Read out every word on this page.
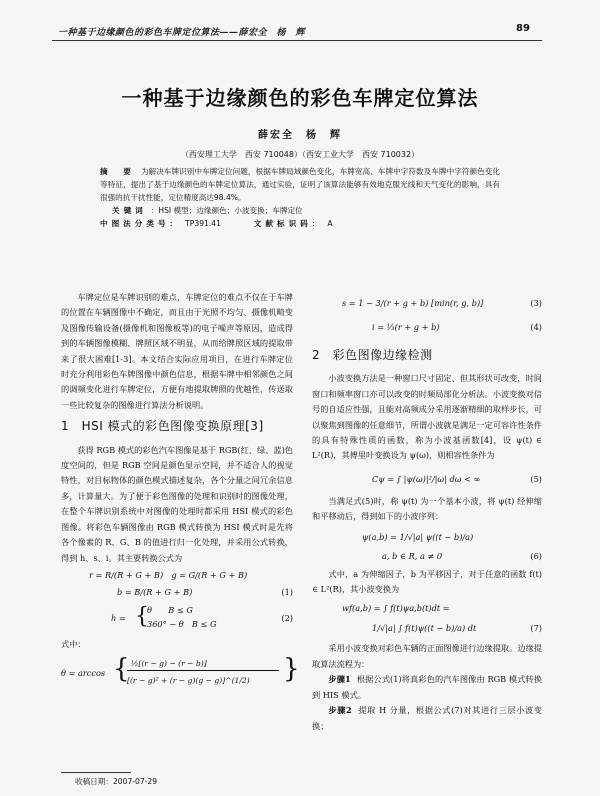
一种基于边缘颜色的彩色车牌定位算法——薛宏全　杨　辉	89
一种基于边缘颜色的彩色车牌定位算法
薛宏全　杨　辉
（西安理工大学　西安 710048）（西安工业大学　西安 710032）
摘　要 为解决车牌识别中车牌定位问题，根据车牌局域颜色变化，车牌宽高、车牌中字符数及车牌中字符颜色变化等特征，提出了基于边缘颜色的车牌定位算法，通过实验，证明了该算法能够有效地克服光线和天气变化的影响，具有很强的抗干扰性能，定位精度高达98.4%。
关键词 ：HSI 模型；边缘颜色；小波变换；车牌定位
中图法分类号： TP391.41	文献标识码： A

车牌定位是车牌识别的难点，车牌定位的难点不仅在于车牌的位置在车辆图像中不确定，而且由于光照不均匀、摄像机畸变及图像传输设备(摄像机和图像板等)的电子噪声等原因，造成得到的车辆图像模糊、牌照区域不明显，从而给牌照区域的提取带来了很大困难[1-3]。本文结合实际应用项目，在进行车牌定位时充分利用彩色车牌图像中颜色信息，根据车牌中相邻颜色之间的调频变化进行车牌定位，方便有地提取牌照的优越性，传送取一些比较复杂的图像进行算法分析说明。

1　HSI 模式的彩色图像变换原理[3]

获得 RGB 模式的彩色汽车图像是基于 RGB(红、绿、蓝)色度空间的，但是 RGB 空间是颜色显示空间，并不适合人的视觉特性，对目标物体的颜色模式描述复杂，各个分量之间冗余信息多，计算量大。为了便于彩色图像的处理和识别时的图像处理，在整个车牌识别系统中对图像的处理时都采用 HSI 模式的彩色图像。将彩色车辆图像由 RGB 模式转换为 HSI 模式时是先将各个像素的 R、G、B 的值进行归一化处理，并采用公式转换，得到 h、s、i。其主要转换公式为

r = R/(R + G + B)　g = G/(R + G + B)
b = B/(R + G + B)	(1)
h = {
θ　　B ≤ G
360° − θ　B ≤ G
(2)
式中：
θ = arccos { ½[(r − g) − (r − b)]
[(r − g)² + (r − g)(g − g)]^(1/2) }
s = 1 − 3/(r + g + b) [min(r, g, b)]	(3)
i = ⅓(r + g + b)	(4)
2　彩色图像边缘检测

小波变换方法是一种窗口尺寸固定、但其形状可改变，时间窗口和频率窗口亦可以改变的时频局部化分析法。小波变换对信号的自适应性强，且能对高频成分采用逐渐精细的取样步长，可以聚焦到图像的任意细节，所谓小波就是满足一定可容许性条件的具有特殊性质的函数，称为小波基函数[4]，设 ψ(t) ∈ L²(R)，其傅里叶变换设为 ψ(ω)，则相容性条件为

Cψ = ∫ |ψ(ω)|²/|ω| dω < ∞	(5)

当满足式(5)时，称 ψ(t) 为一个基本小波，将 ψ(t) 经伸缩和平移动后，得到如下的小波序列：

ψ(a,b) = 1/√|a| ψ((t − b)/a)
a, b ∈ R, a ≠ 0	(6)

式中，a 为伸缩因子，b 为平移因子，对于任意的函数 f(t) ∈ L²(R)，其小波变换为

wf(a,b) = ∫ f(t)ψa,b(t)dt =
1/√|a| ∫ f(t)ψ((t − b)/a) dt	(7)

采用小波变换对彩色车辆的正面图像进行边缘提取。边缘提取算法流程为：

步骤1 根据公式(1)将真彩色的汽车图像由 RGB 模式转换到 HIS 模式。

步骤2 提取 H 分量，根据公式(7)对其进行三层小波变换；

收稿日期：2007-07-29
